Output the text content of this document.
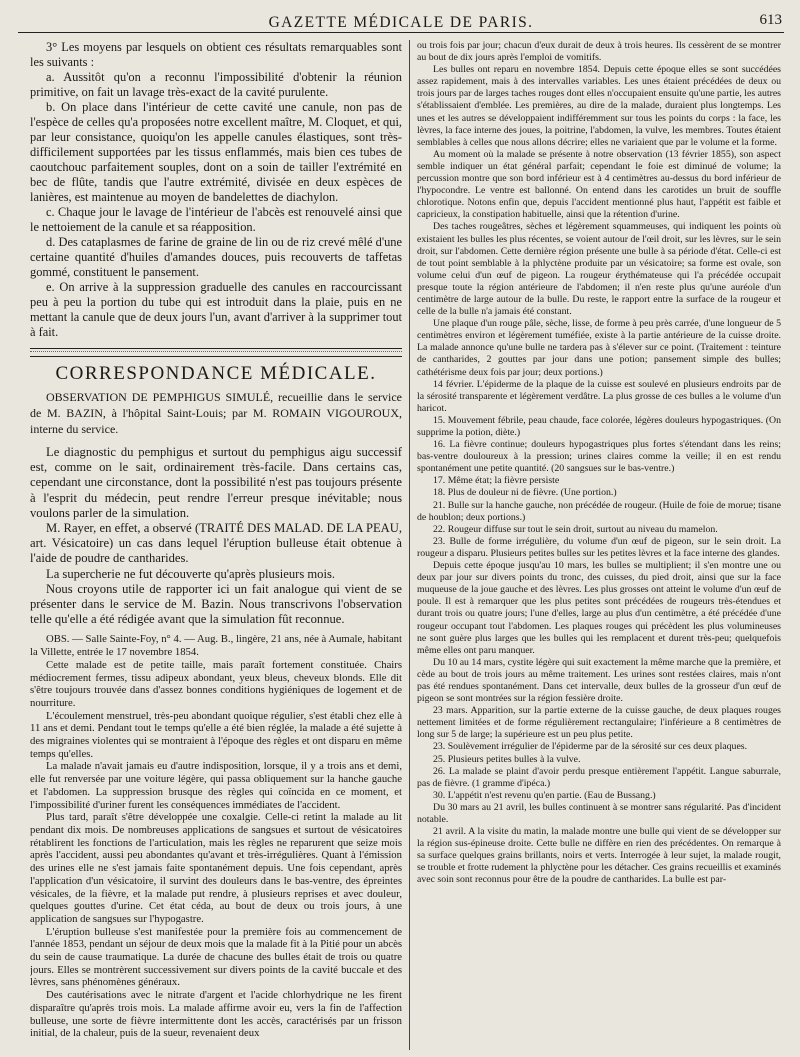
GAZETTE MÉDICALE DE PARIS.	613

3° Les moyens par lesquels on obtient ces résultats remarquables sont les suivants :

a. Aussitôt qu'on a reconnu l'impossibilité d'obtenir la réunion primitive, on fait un lavage très-exact de la cavité purulente.

b. On place dans l'intérieur de cette cavité une canule, non pas de l'espèce de celles qu'a proposées notre excellent maître, M. Cloquet, et qui, par leur consistance, quoiqu'on les appelle canules élastiques, sont très-difficilement supportées par les tissus enflammés, mais bien ces tubes de caoutchouc parfaitement souples, dont on a soin de tailler l'extrémité en bec de flûte, tandis que l'autre extrémité, divisée en deux espèces de lanières, est maintenue au moyen de bandelettes de diachylon.

c. Chaque jour le lavage de l'intérieur de l'abcès est renouvelé ainsi que le nettoiement de la canule et sa réapposition.

d. Des cataplasmes de farine de graine de lin ou de riz crevé mêlé d'une certaine quantité d'huiles d'amandes douces, puis recouverts de taffetas gommé, constituent le pansement.

e. On arrive à la suppression graduelle des canules en raccourcissant peu à peu la portion du tube qui est introduit dans la plaie, puis en ne mettant la canule que de deux jours l'un, avant d'arriver à la supprimer tout à fait.

CORRESPONDANCE MÉDICALE.

OBSERVATION DE PEMPHIGUS SIMULÉ, recueillie dans le service de M. BAZIN, à l'hôpital Saint-Louis; par M. ROMAIN VIGOUROUX, interne du service.

Le diagnostic du pemphigus et surtout du pemphigus aigu successif est, comme on le sait, ordinairement très-facile. Dans certains cas, cependant une circonstance, dont la possibilité n'est pas toujours présente à l'esprit du médecin, peut rendre l'erreur presque inévitable; nous voulons parler de la simulation.

M. Rayer, en effet, a observé (TRAITÉ DES MALAD. DE LA PEAU, art. Vésicatoire) un cas dans lequel l'éruption bulleuse était obtenue à l'aide de poudre de cantharides.

La supercherie ne fut découverte qu'après plusieurs mois.

Nous croyons utile de rapporter ici un fait analogue qui vient de se présenter dans le service de M. Bazin. Nous transcrivons l'observation telle qu'elle a été rédigée avant que la simulation fût reconnue.

OBS. — Salle Sainte-Foy, n° 4. — Aug. B., lingère, 21 ans, née à Aumale, habitant la Villette, entrée le 17 novembre 1854.

Cette malade est de petite taille, mais paraît fortement constituée. Chairs médiocrement fermes, tissu adipeux abondant, yeux bleus, cheveux blonds. Elle dit s'être toujours trouvée dans d'assez bonnes conditions hygiéniques de logement et de nourriture.

L'écoulement menstruel, très-peu abondant quoique régulier, s'est établi chez elle à 11 ans et demi. Pendant tout le temps qu'elle a été bien réglée, la malade a été sujette à des migraines violentes qui se montraient à l'époque des règles et ont disparu en même temps qu'elles.

La malade n'avait jamais eu d'autre indisposition, lorsque, il y a trois ans et demi, elle fut renversée par une voiture légère, qui passa obliquement sur la hanche gauche et l'abdomen. La suppression brusque des règles qui coïncida en ce moment, et l'impossibilité d'uriner furent les conséquences immédiates de l'accident.

Plus tard, paraît s'être développée une coxalgie. Celle-ci retint la malade au lit pendant dix mois. De nombreuses applications de sangsues et surtout de vésicatoires rétablirent les fonctions de l'articulation, mais les règles ne reparurent que seize mois après l'accident, aussi peu abondantes qu'avant et très-irrégulières. Quant à l'émission des urines elle ne s'est jamais faite spontanément depuis. Une fois cependant, après l'application d'un vésicatoire, il survint des douleurs dans le bas-ventre, des épreintes vésicales, de la fièvre, et la malade put rendre, à plusieurs reprises et avec douleur, quelques gouttes d'urine. Cet état céda, au bout de deux ou trois jours, à une application de sangsues sur l'hypogastre.

L'éruption bulleuse s'est manifestée pour la première fois au commencement de l'année 1853, pendant un séjour de deux mois que la malade fit à la Pitié pour un abcès du sein de cause traumatique. La durée de chacune des bulles était de trois ou quatre jours. Elles se montrèrent successivement sur divers points de la cavité buccale et des lèvres, sans phénomènes généraux.

Des cautérisations avec le nitrate d'argent et l'acide chlorhydrique ne les firent disparaître qu'après trois mois. La malade affirme avoir eu, vers la fin de l'affection bulleuse, une sorte de fièvre intermittente dont les accès, caractérisés par un frisson initial, de la chaleur, puis de la sueur, revenaient deux

ou trois fois par jour; chacun d'eux durait de deux à trois heures. Ils cessèrent de se montrer au bout de dix jours après l'emploi de vomitifs.

Les bulles ont reparu en novembre 1854. Depuis cette époque elles se sont succédées assez rapidement, mais à des intervalles variables. Les unes étaient précédées de deux ou trois jours par de larges taches rouges dont elles n'occupaient ensuite qu'une partie, les autres s'établissaient d'emblée. Les premières, au dire de la malade, duraient plus longtemps. Les unes et les autres se développaient indifféremment sur tous les points du corps : la face, les lèvres, la face interne des joues, la poitrine, l'abdomen, la vulve, les membres. Toutes étaient semblables à celles que nous allons décrire; elles ne variaient que par le volume et la forme.

Au moment où la malade se présente à notre observation (13 février 1855), son aspect semble indiquer un état général parfait; cependant le foie est diminué de volume; la percussion montre que son bord inférieur est à 4 centimètres au-dessus du bord inférieur de l'hypocondre. Le ventre est ballonné. On entend dans les carotides un bruit de souffle chlorotique. Notons enfin que, depuis l'accident mentionné plus haut, l'appétit est faible et capricieux, la constipation habituelle, ainsi que la rétention d'urine.

Des taches rougeâtres, sèches et légèrement squammeuses, qui indiquent les points où existaient les bulles les plus récentes, se voient autour de l'œil droit, sur les lèvres, sur le sein droit, sur l'abdomen. Cette dernière région présente une bulle à sa période d'état. Celle-ci est de tout point semblable à la phlyctène produite par un vésicatoire; sa forme est ovale, son volume celui d'un œuf de pigeon. La rougeur érythémateuse qui l'a précédée occupait presque toute la région antérieure de l'abdomen; il n'en reste plus qu'une auréole d'un centimètre de large autour de la bulle. Du reste, le rapport entre la surface de la rougeur et celle de la bulle n'a jamais été constant.

Une plaque d'un rouge pâle, sèche, lisse, de forme à peu près carrée, d'une longueur de 5 centimètres environ et légèrement tuméfiée, existe à la partie antérieure de la cuisse droite. La malade annonce qu'une bulle ne tardera pas à s'élever sur ce point. (Traitement : teinture de cantharides, 2 gouttes par jour dans une potion; pansement simple des bulles; cathétérisme deux fois par jour; deux portions.)

14 février. L'épiderme de la plaque de la cuisse est soulevé en plusieurs endroits par de la sérosité transparente et légèrement verdâtre. La plus grosse de ces bulles a le volume d'un haricot.

15. Mouvement fébrile, peau chaude, face colorée, légères douleurs hypogastriques. (On supprime la potion, diète.)

16. La fièvre continue; douleurs hypogastriques plus fortes s'étendant dans les reins; bas-ventre douloureux à la pression; urines claires comme la veille; il en est rendu spontanément une petite quantité. (20 sangsues sur le bas-ventre.)

17. Même état; la fièvre persiste

18. Plus de douleur ni de fièvre. (Une portion.)

21. Bulle sur la hanche gauche, non précédée de rougeur. (Huile de foie de morue; tisane de houblon; deux portions.)

22. Rougeur diffuse sur tout le sein droit, surtout au niveau du mamelon.

23. Bulle de forme irrégulière, du volume d'un œuf de pigeon, sur le sein droit. La rougeur a disparu. Plusieurs petites bulles sur les petites lèvres et la face interne des glandes.

Depuis cette époque jusqu'au 10 mars, les bulles se multiplient; il s'en montre une ou deux par jour sur divers points du tronc, des cuisses, du pied droit, ainsi que sur la face muqueuse de la joue gauche et des lèvres. Les plus grosses ont atteint le volume d'un œuf de poule. Il est à remarquer que les plus petites sont précédées de rougeurs très-étendues et durant trois ou quatre jours; l'une d'elles, large au plus d'un centimètre, a été précédée d'une rougeur occupant tout l'abdomen. Les plaques rouges qui précèdent les plus volumineuses ne sont guère plus larges que les bulles qui les remplacent et durent très-peu; quelquefois même elles ont paru manquer.

Du 10 au 14 mars, cystite légère qui suit exactement la même marche que la première, et cède au bout de trois jours au même traitement. Les urines sont restées claires, mais n'ont pas été rendues spontanément. Dans cet intervalle, deux bulles de la grosseur d'un œuf de pigeon se sont montrées sur la région fessière droite.

23 mars. Apparition, sur la partie externe de la cuisse gauche, de deux plaques rouges nettement limitées et de forme régulièrement rectangulaire; l'inférieure a 8 centimètres de long sur 5 de large; la supérieure est un peu plus petite.

23. Soulèvement irrégulier de l'épiderme par de la sérosité sur ces deux plaques.

25. Plusieurs petites bulles à la vulve.

26. La malade se plaint d'avoir perdu presque entièrement l'appétit. Langue saburrale, pas de fièvre. (1 gramme d'ipéca.)

30. L'appétit n'est revenu qu'en partie. (Eau de Bussang.)

Du 30 mars au 21 avril, les bulles continuent à se montrer sans régularité. Pas d'incident notable.

21 avril. A la visite du matin, la malade montre une bulle qui vient de se développer sur la région sus-épineuse droite. Cette bulle ne diffère en rien des précédentes. On remarque à sa surface quelques grains brillants, noirs et verts. Interrogée à leur sujet, la malade rougit, se trouble et frotte rudement la phlyctène pour les détacher. Ces grains recueillis et examinés avec soin sont reconnus pour être de la poudre de cantharides. La bulle est par-
